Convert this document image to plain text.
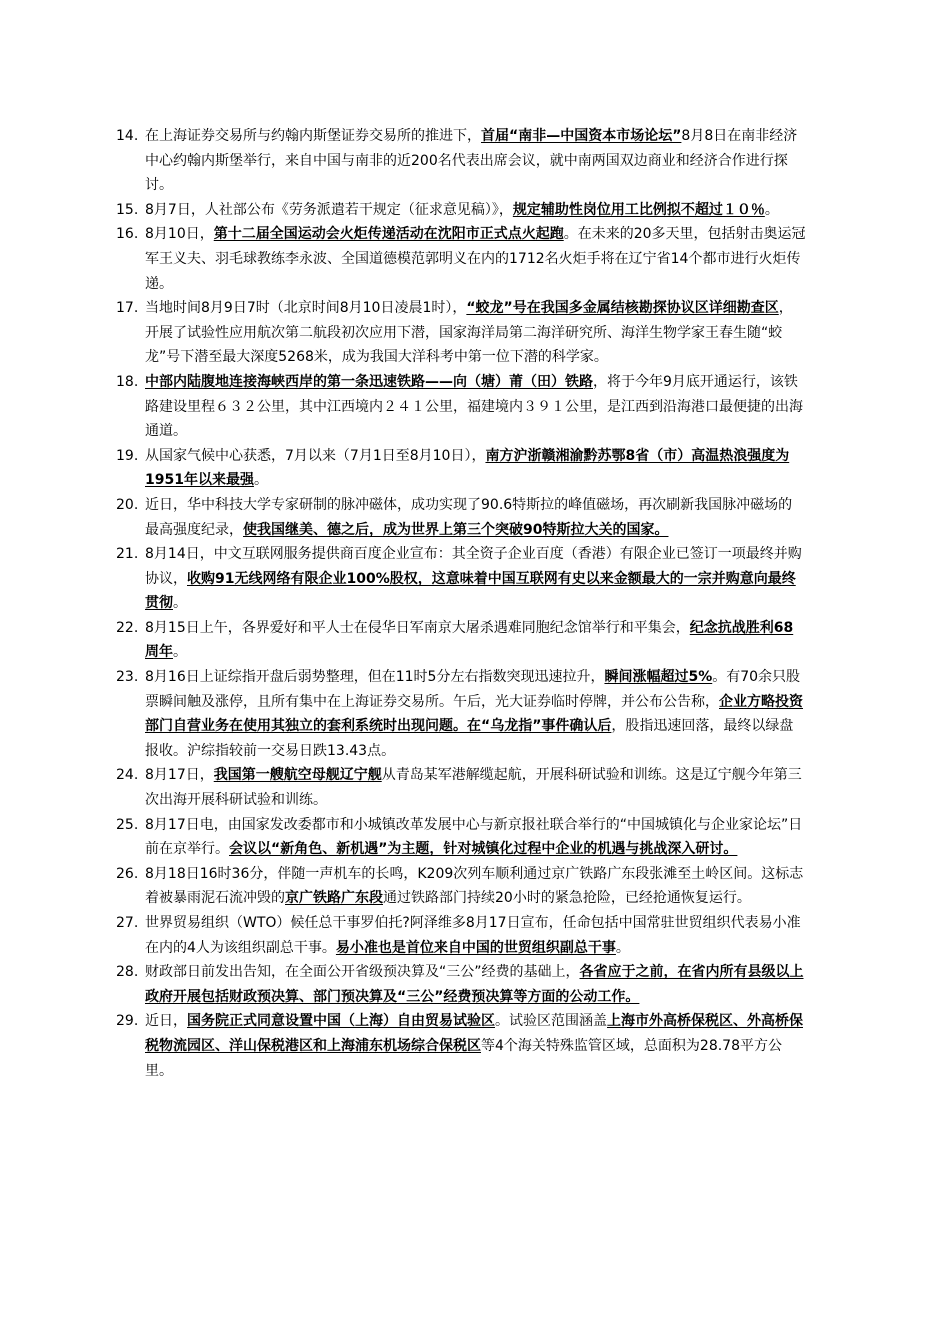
14. 在上海证券交易所与约翰内斯堡证券交易所的推进下，首届“南非—中国资本市场论坛”8月8日在南非经济中心约翰内斯堡举行，来自中国与南非的近200名代表出席会议，就中南两国双边商业和经济合作进行探讨。
15. 8月7日，人社部公布《劳务派遣若干规定（征求意见稿）》，规定辅助性岗位用工比例拟不超过１０％。
16. 8月10日，第十二届全国运动会火炬传递活动在沈阳市正式点火起跑。在未来的20多天里，包括射击奥运冠军王义夫、羽毛球教练李永波、全国道德模范郭明义在内的1712名火炬手将在辽宁省14个都市进行火炬传递。
17. 当地时间8月9日7时（北京时间8月10日凌晨1时），“蛟龙”号在我国多金属结核勘探协议区详细勘查区，开展了试验性应用航次第二航段初次应用下潜，国家海洋局第二海洋研究所、海洋生物学家王春生随“蛟龙”号下潜至最大深度5268米，成为我国大洋科考中第一位下潜的科学家。
18. 中部内陆腹地连接海峡西岸的第一条迅速铁路——向（塘）莆（田）铁路，将于今年9月底开通运行，该铁路建设里程６３２公里，其中江西境内２４１公里，福建境内３９１公里，是江西到沿海港口最便捷的出海通道。
19. 从国家气候中心获悉，7月以来（7月1日至8月10日），南方沪浙赣湘渝黔苏鄂8省（市）高温热浪强度为1951年以来最强。
20. 近日，华中科技大学专家研制的脉冲磁体，成功实现了90.6特斯拉的峰值磁场，再次刷新我国脉冲磁场的最高强度纪录，使我国继美、德之后，成为世界上第三个突破90特斯拉大关的国家。
21. 8月14日，中文互联网服务提供商百度企业宣布：其全资子企业百度（香港）有限企业已签订一项最终并购协议，收购91无线网络有限企业100%股权，这意味着中国互联网有史以来金额最大的一宗并购意向最终贯彻。
22. 8月15日上午，各界爱好和平人士在侵华日军南京大屠杀遇难同胞纪念馆举行和平集会，纪念抗战胜利68周年。
23. 8月16日上证综指开盘后弱势整理，但在11时5分左右指数突现迅速拉升，瞬间涨幅超过5%。有70余只股票瞬间触及涨停，且所有集中在上海证券交易所。午后，光大证券临时停牌，并公布公告称，企业方略投资部门自营业务在使用其独立的套利系统时出现问题。在“乌龙指”事件确认后，股指迅速回落，最终以绿盘报收。沪综指较前一交易日跌13.43点。
24. 8月17日，我国第一艘航空母舰辽宁舰从青岛某军港解缆起航，开展科研试验和训练。这是辽宁舰今年第三次出海开展科研试验和训练。
25. 8月17日电，由国家发改委都市和小城镇改革发展中心与新京报社联合举行的“中国城镇化与企业家论坛”日前在京举行。会议以“新角色、新机遇”为主题，针对城镇化过程中企业的机遇与挑战深入研讨。
26. 8月18日16时36分，伴随一声机车的长鸣，K209次列车顺利通过京广铁路广东段张滩至土岭区间。这标志着被暴雨泥石流冲毁的京广铁路广东段通过铁路部门持续20小时的紧急抢险，已经抢通恢复运行。
27. 世界贸易组织（WTO）候任总干事罗伯托?阿泽维多8月17日宣布，任命包括中国常驻世贸组织代表易小准在内的4人为该组织副总干事。易小准也是首位来自中国的世贸组织副总干事。
28. 财政部日前发出告知，在全面公开省级预决算及“三公”经费的基础上，各省应于之前，在省内所有县级以上政府开展包括财政预决算、部门预决算及“三公”经费预决算等方面的公动工作。
29. 近日，国务院正式同意设置中国（上海）自由贸易试验区。试验区范围涵盖上海市外高桥保税区、外高桥保税物流园区、洋山保税港区和上海浦东机场综合保税区等4个海关特殊监管区域，总面积为28.78平方公里。
